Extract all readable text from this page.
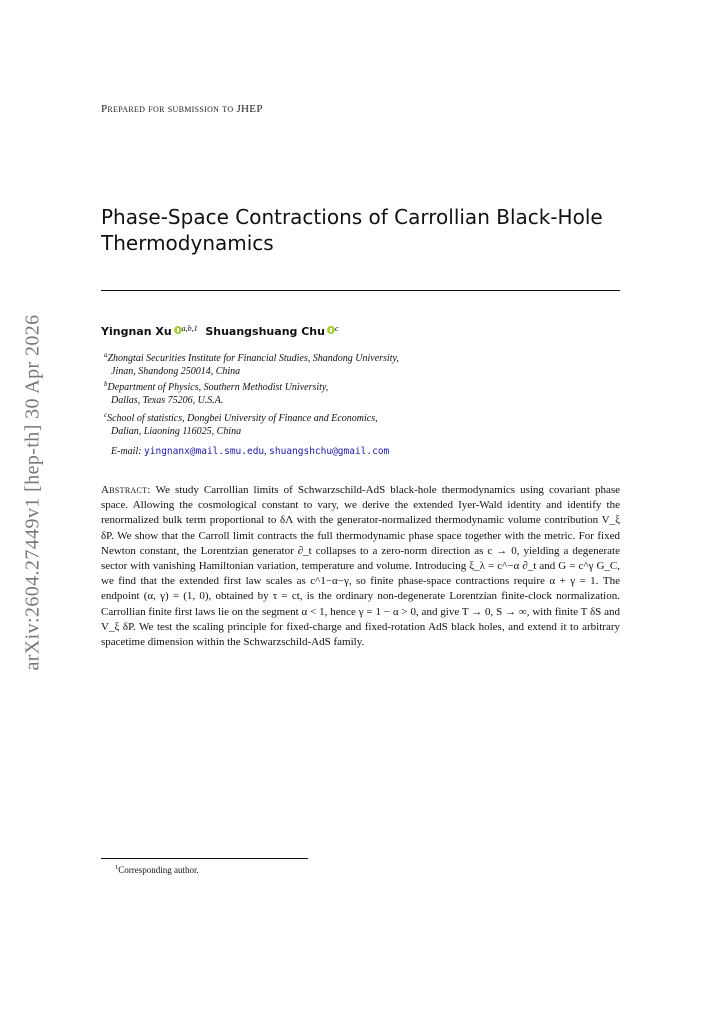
arXiv:2604.27449v1 [hep-th] 30 Apr 2026
Prepared for submission to JHEP
Phase-Space Contractions of Carrollian Black-Hole Thermodynamics
Yingnan Xu $^{a,b,1}$ Shuangshuang Chu $^c$
$^a$Zhongtai Securities Institute for Financial Studies, Shandong University,
Jinan, Shandong 250014, China
$^b$Department of Physics, Southern Methodist University,
Dallas, Texas 75206, U.S.A.
$^c$School of statistics, Dongbei University of Finance and Economics,
Dalian, Liaoning 116025, China
E-mail: yingnanx@mail.smu.edu, shuangshchu@gmail.com

Abstract: We study Carrollian limits of Schwarzschild-AdS black-hole thermodynamics using covariant phase space. Allowing the cosmological constant to vary, we derive the extended Iyer-Wald identity and identify the renormalized bulk term proportional to δΛ with the generator-normalized thermodynamic volume contribution V_ξ δP. We show that the Carroll limit contracts the full thermodynamic phase space together with the metric. For fixed Newton constant, the Lorentzian generator ∂_t collapses to a zero-norm direction as c → 0, yielding a degenerate sector with vanishing Hamiltonian variation, temperature and volume. Introducing ξ_λ = c^−α ∂_t and G = c^γ G_C, we find that the extended first law scales as c^1−α−γ, so finite phase-space contractions require α + γ = 1. The endpoint (α, γ) = (1, 0), obtained by τ = ct, is the ordinary non-degenerate Lorentzian finite-clock normalization. Carrollian finite first laws lie on the segment α < 1, hence γ = 1 − α > 0, and give T → 0, S → ∞, with finite T δS and V_ξ δP. We test the scaling principle for fixed-charge and fixed-rotation AdS black holes, and extend it to arbitrary spacetime dimension within the Schwarzschild-AdS family.

$^1$Corresponding author.
